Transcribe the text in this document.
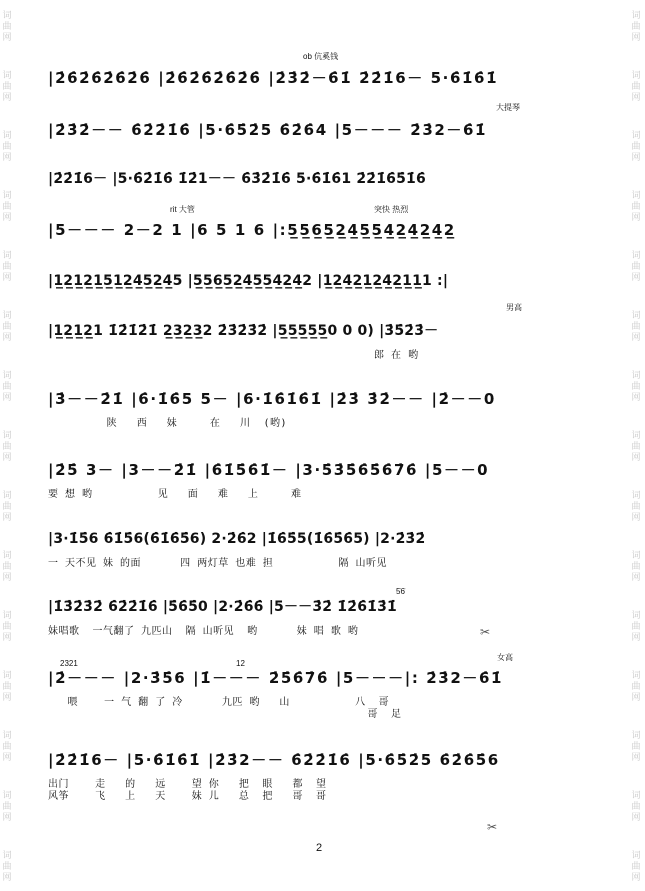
词曲网
词曲网
词曲网
词曲网
词曲网
词曲网
词曲网
词曲网
词曲网
词曲网
词曲网
词曲网
词曲网
词曲网
词曲网
词曲网
词曲网
词曲网
词曲网
词曲网
词曲网
词曲网
词曲网
词曲网
词曲网
词曲网
词曲网
词曲网
词曲网
词曲网
ob 伉奚钱
大提琴
rit 大管	突快 热烈
男高
女高
5̇6̇
2321	12
|2̇6̇2̇6̇2̇6̇2̇6̇ |2̇6̇2̇6̇2̇6̇2̇6̇ |2̇3̇2̇－6̇1̇ 2̇2̇1̇6－ 5·6̇1̇6̇1̇
|2̇3̇2̇－－ 6̇2̇2̇1̇6̇ |5·6̇5̇2̇5 6̇2̇6̇4 |5－－－ 2̇3̇2－6̇1̇
|2̇2̇1̇6－ |5·6̇2̇1̇6̇ 1̇2̇1－－ 6̇3̇2̇1̇6̇ 5·6̇1̇6̇1 2̇2̇1̇6̇5̇1̇6̇
|5－－－ 2－2 1 |6 5 1 6 |:5̲5̲6̲5̲2̲4̲5̲5̲4̲2̲4̲2̲4̲2̲
|1̲2̲1̲2̲1̲5̲1̲2̲4̲5̲2̲4̲5 |5̲5̲6̲5̲2̲4̲5̲5̲4̲2̲4̲2 |1̲2̲4̲2̲1̲2̲4̲2̲1̲1̲1 :|
|1̲2̲1̲2̲1 1̇2̇1̇2̇1̇ 2̲3̲2̲3̲2 2̇3̇2̇3̇2̇ |5̲5̲5̲5̲5̲0 0 0) |3̇5̇2̇3̇－
郎 在 哟
|3̇－－2̇1̇ |6̇·1̇6̇5 5－ |6·1̇6̇1̇6̇1̇ |2̇3̇ 3̇2̇－－ |2̇－－0
陕   西   妹     在   川  (哟)
|2̇5̇ 3－ |3－－2̇1̇ |6̇1̇5̇6̇1̇－ |3·5̇3̇5̇6̇5̇6̇7̇6̇ |5－－0
要 想 哟          见   面   难   上     难
|3·1̇5̇6 6̇1̇5̇6(6̇1̇6̇5̇6) 2·2̇6̇2 |1̇6̇5̇5(1̇6̇5̇6̇5) |2·2̇3̇2̇
一 天不见 妹 的面      四 两灯草 也难 担          隔 山听见
|1̇3̇2̇3̇2̇ 6̇2̇2̇1̇6̇ |5̇6̇5̇0 |2·2̇6̇6̇ |5－－3̇2̇ 1̇2̇6̇1̇3̇1̇
妹唱歌  一气翻了 九匹山  隔 山听见  哟      妹 唱 歌 哟
|2̇－－－ |2·3̇5̇6 |1̇－－－ 2̇5̇6̇7̇6̇ |5－－－|: 2̇3̇2－6̇1̇
喂    一 气 翻 了 冷      九匹 哟   山          八  哥
哥  足
|2̇2̇1̇6－ |5·6̇1̇6̇1̇ |2̇3̇2－－ 6̇2̇2̇1̇6̇ |5·6̇5̇2̇5 6̇2̇6̇5̇6
出门    走   的   远    望 你   把  眼   都  望
风筝    飞   上   天    妹 儿   总  把   哥  哥
✂
✂
2
